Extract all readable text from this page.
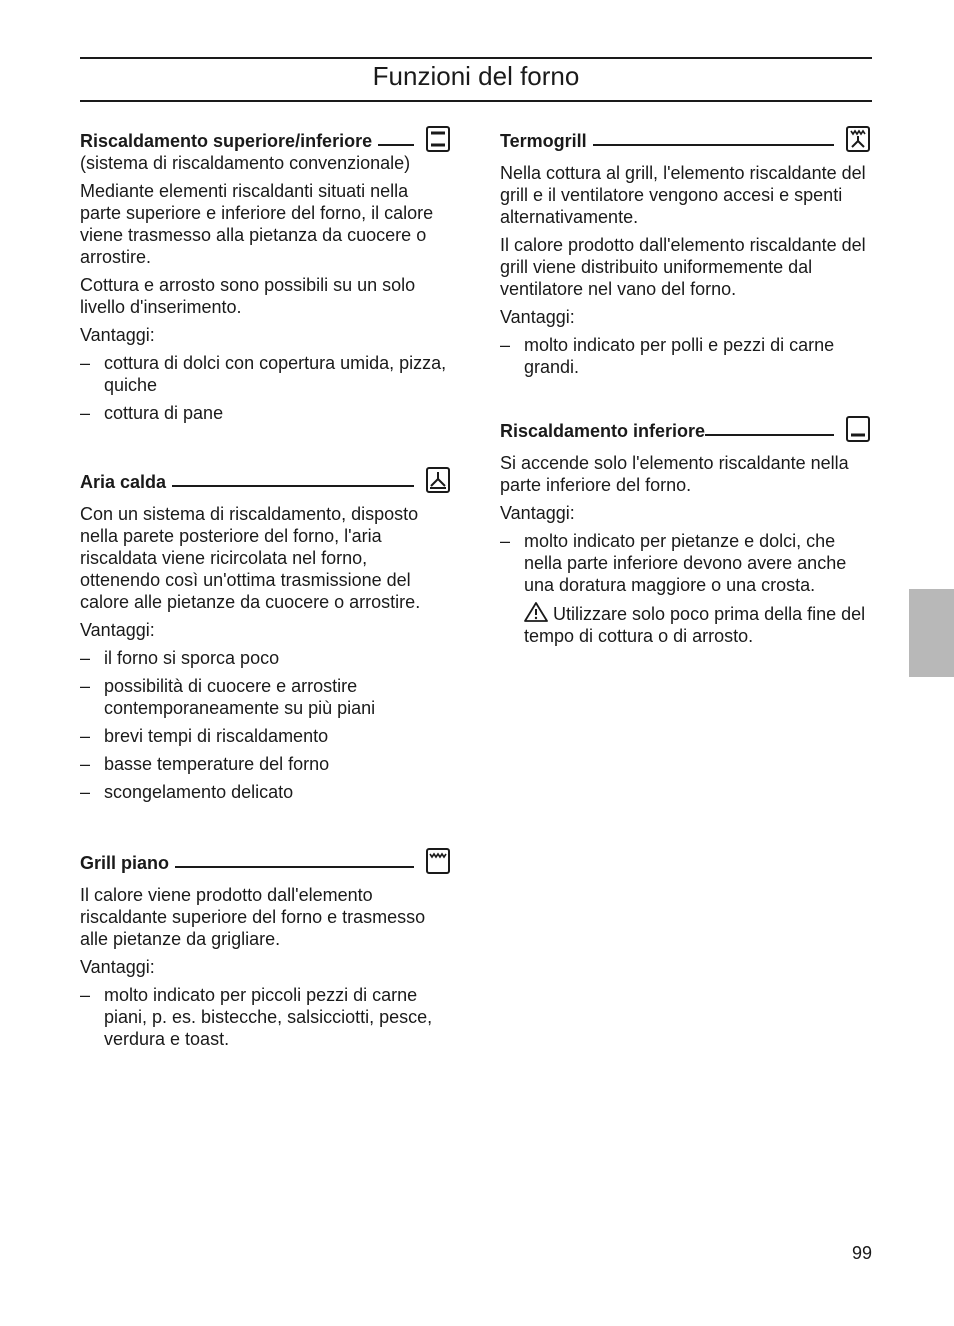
Funzioni del forno
Riscaldamento superiore/inferiore

(sistema di riscaldamento convenzionale)

Mediante elementi riscaldanti situati nella parte superiore e inferiore del forno, il calore viene trasmesso alla pietanza da cuocere o arrostire.

Cottura e arrosto sono possibili su un solo livello d'inserimento.

Vantaggi:

– cottura di dolci con copertura umida, pizza, quiche
– cottura di pane
Aria calda

Con un sistema di riscaldamento, disposto nella parete posteriore del forno, l'aria riscaldata viene ricircolata nel forno, ottenendo così un'ottima trasmissione del calore alle pietanze da cuocere o arrostire.

Vantaggi:

– il forno si sporca poco
– possibilità di cuocere e arrostire contemporaneamente su più piani
– brevi tempi di riscaldamento
– basse temperature del forno
– scongelamento delicato
Grill piano

Il calore viene prodotto dall'elemento riscaldante superiore del forno e trasmesso alle pietanze da grigliare.

Vantaggi:

– molto indicato per piccoli pezzi di carne piani, p. es. bistecche, salsicciotti, pesce, verdura e toast.
Termogrill

Nella cottura al grill, l'elemento riscaldante del grill e il ventilatore vengono accesi e spenti alternativamente.

Il calore prodotto dall'elemento riscaldante del grill viene distribuito uniformemente dal ventilatore nel vano del forno.

Vantaggi:

– molto indicato per polli e pezzi di carne grandi.
Riscaldamento inferiore

Si accende solo l'elemento riscaldante nella parte inferiore del forno.

Vantaggi:

– molto indicato per pietanze e dolci, che nella parte inferiore devono avere anche una doratura maggiore o una crosta.
Utilizzare solo poco prima della fine del tempo di cottura o di arrosto.
99
